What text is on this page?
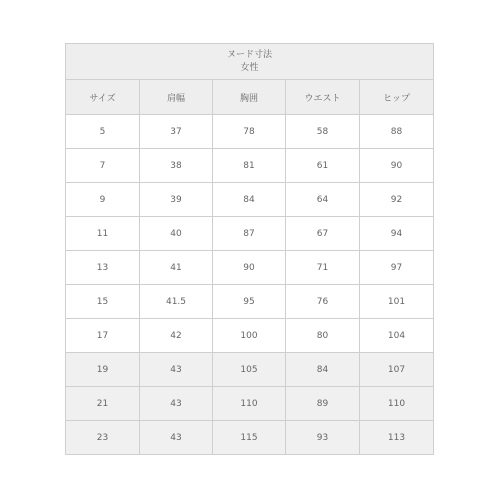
ヌード寸法
女性				

サイズ	肩幅	胸囲	ウエスト	ヒップ
5	37	78	58	88
7	38	81	61	90
9	39	84	64	92
11	40	87	67	94
13	41	90	71	97
15	41.5	95	76	101
17	42	100	80	104
19	43	105	84	107
21	43	110	89	110
23	43	115	93	113
